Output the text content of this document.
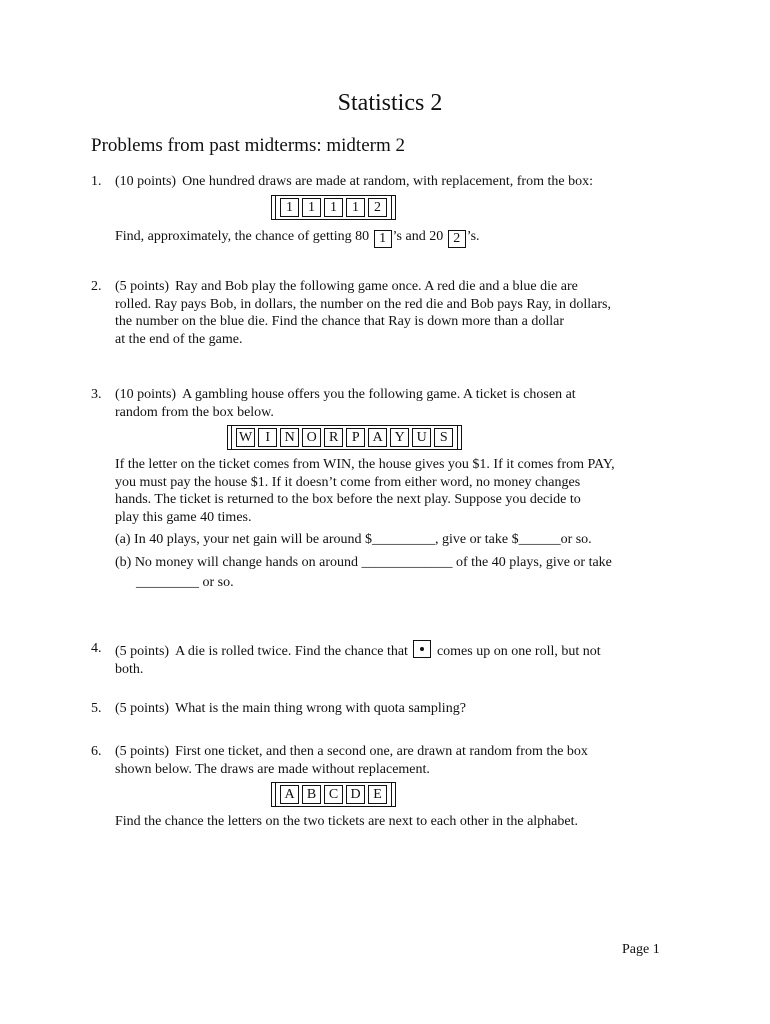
Statistics 2
Problems from past midterms: midterm 2
1. (10 points) One hundred draws are made at random, with replacement, from the box:
1	1	1	1	2
Find, approximately, the chance of getting 80 1 ’s and 20 2 ’s.
2. (5 points) Ray and Bob play the following game once. A red die and a blue die are
rolled. Ray pays Bob, in dollars, the number on the red die and Bob pays Ray, in dollars,
the number on the blue die. Find the chance that Ray is down more than a dollar
at the end of the game.
3. (10 points) A gambling house offers you the following game. A ticket is chosen at
random from the box below.
W I	N O R P A Y U S
If the letter on the ticket comes from WIN, the house gives you $1. If it comes from PAY,
you must pay the house $1. If it doesn’t come from either word, no money changes
hands. The ticket is returned to the box before the next play. Suppose you decide to
play this game 40 times.
(a) In 40 plays, your net gain will be around $_________, give or take $______or so.
(b) No money will change hands on around _____________ of the 40 plays, give or take
_________ or so.
4. (5 points) A die is rolled twice. Find the chance that comes up on one roll, but not
both.
5. (5 points) What is the main thing wrong with quota sampling?
6. (5 points) First one ticket, and then a second one, are drawn at random from the box
shown below. The draws are made without replacement.
A B C D E
Find the chance the letters on the two tickets are next to each other in the alphabet.
Page 1
